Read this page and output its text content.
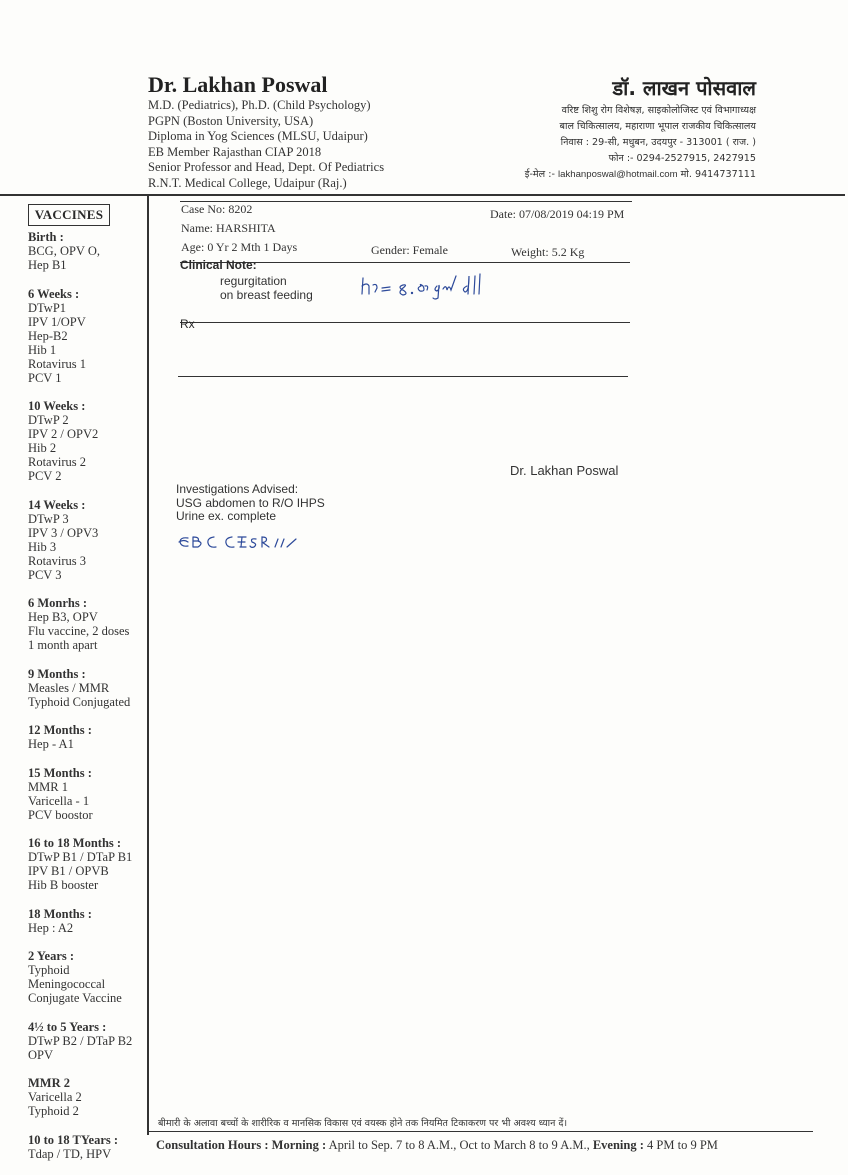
Dr. Lakhan Poswal
M.D. (Pediatrics), Ph.D. (Child Psychology)
PGPN (Boston University, USA)
Diploma in Yog Sciences (MLSU, Udaipur)
EB Member Rajasthan CIAP 2018
Senior Professor and Head, Dept. Of Pediatrics
R.N.T. Medical College, Udaipur (Raj.)
डॉ. लाखन पोसवाल
वरिष्ट शिशु रोग विशेषज्ञ, साइकोलोजिस्ट एवं विभागाध्यक्ष
बाल चिकित्सालय, महाराणा भूपाल राजकीय चिकित्सालय
निवास : 29-सी, मधुबन, उदयपुर - 313001 ( राज. )
फोन :- 0294-2527915, 2427915
ई-मेल :- lakhanposwal@hotmail.com मो. 9414737111
VACCINES
Birth :
BCG, OPV O,
Hep B1
6 Weeks :
DTwP1
IPV 1/OPV
Hep-B2
Hib 1
Rotavirus 1
PCV 1
10 Weeks :
DTwP 2
IPV 2 / OPV2
Hib 2
Rotavirus 2
PCV 2
14 Weeks :
DTwP 3
IPV 3 / OPV3
Hib 3
Rotavirus 3
PCV 3
6 Monrhs :
Hep B3, OPV
Flu vaccine, 2 doses
1 month apart
9 Months :
Measles / MMR
Typhoid Conjugated
12 Months :
Hep - A1
15 Months :
MMR 1
Varicella - 1
PCV boostor
16 to 18 Months :
DTwP B1 / DTaP B1
IPV B1 / OPVB
Hib B booster
18 Months :
Hep : A2
2 Years :
Typhoid
Meningococcal
Conjugate Vaccine
4½ to 5 Years :
DTwP B2 / DTaP B2
OPV
MMR 2
Varicella 2
Typhoid 2
10 to 18 TYears :
Tdap / TD, HPV
Case No: 8202	Date: 07/08/2019 04:19 PM
Name: HARSHITA
Age: 0 Yr 2 Mth 1 Days	Gender: Female	Weight: 5.2 Kg
Clinical Note:
regurgitation
on breast feeding
Rx
Dr. Lakhan Poswal
Investigations Advised:
USG abdomen to R/O IHPS
Urine ex. complete
बीमारी के अलावा बच्चों के शारीरिक व मानसिक विकास एवं वयस्क होने तक नियमित टिकाकरण पर भी अवश्य ध्यान दें।
Consultation Hours : Morning : April to Sep. 7 to 8 A.M., Oct to March 8 to 9 A.M., Evening : 4 PM to 9 PM
